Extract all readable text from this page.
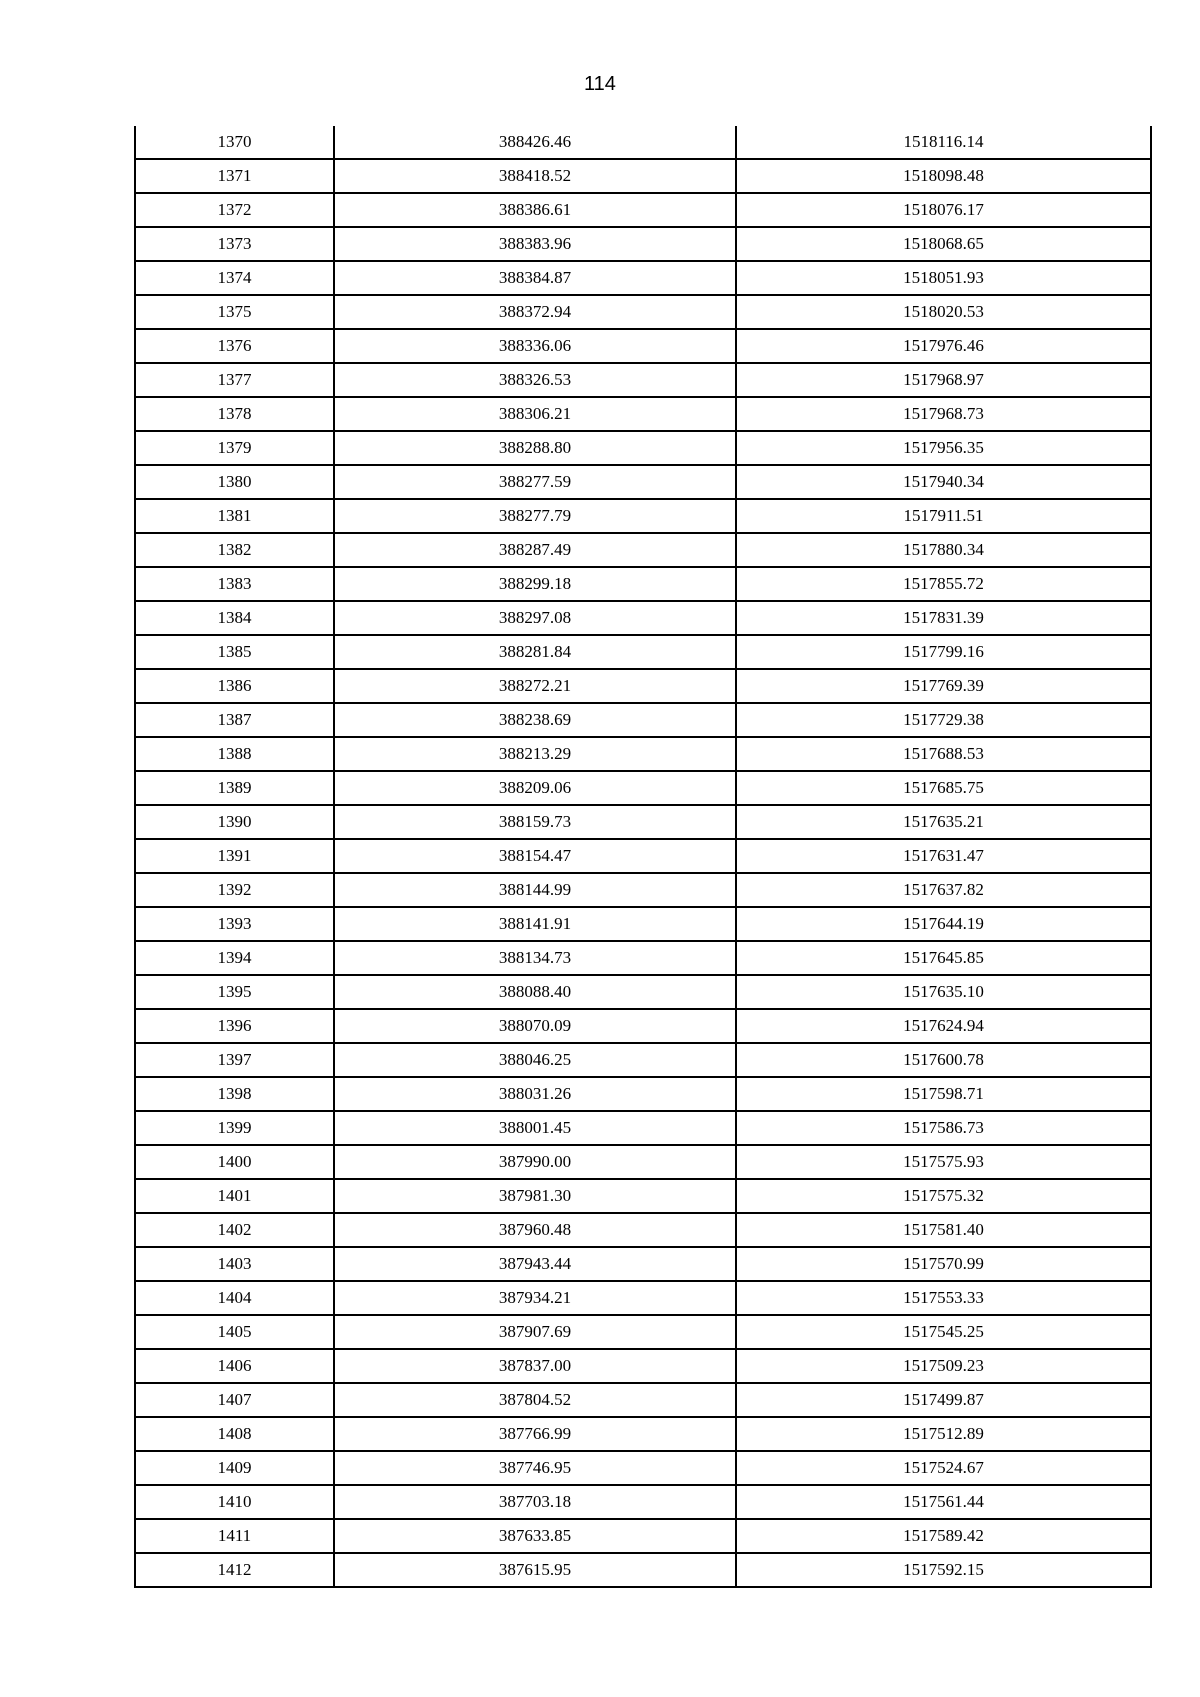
114
1370	388426.46	1518116.14
1371	388418.52	1518098.48
1372	388386.61	1518076.17
1373	388383.96	1518068.65
1374	388384.87	1518051.93
1375	388372.94	1518020.53
1376	388336.06	1517976.46
1377	388326.53	1517968.97
1378	388306.21	1517968.73
1379	388288.80	1517956.35
1380	388277.59	1517940.34
1381	388277.79	1517911.51
1382	388287.49	1517880.34
1383	388299.18	1517855.72
1384	388297.08	1517831.39
1385	388281.84	1517799.16
1386	388272.21	1517769.39
1387	388238.69	1517729.38
1388	388213.29	1517688.53
1389	388209.06	1517685.75
1390	388159.73	1517635.21
1391	388154.47	1517631.47
1392	388144.99	1517637.82
1393	388141.91	1517644.19
1394	388134.73	1517645.85
1395	388088.40	1517635.10
1396	388070.09	1517624.94
1397	388046.25	1517600.78
1398	388031.26	1517598.71
1399	388001.45	1517586.73
1400	387990.00	1517575.93
1401	387981.30	1517575.32
1402	387960.48	1517581.40
1403	387943.44	1517570.99
1404	387934.21	1517553.33
1405	387907.69	1517545.25
1406	387837.00	1517509.23
1407	387804.52	1517499.87
1408	387766.99	1517512.89
1409	387746.95	1517524.67
1410	387703.18	1517561.44
1411	387633.85	1517589.42
1412	387615.95	1517592.15
